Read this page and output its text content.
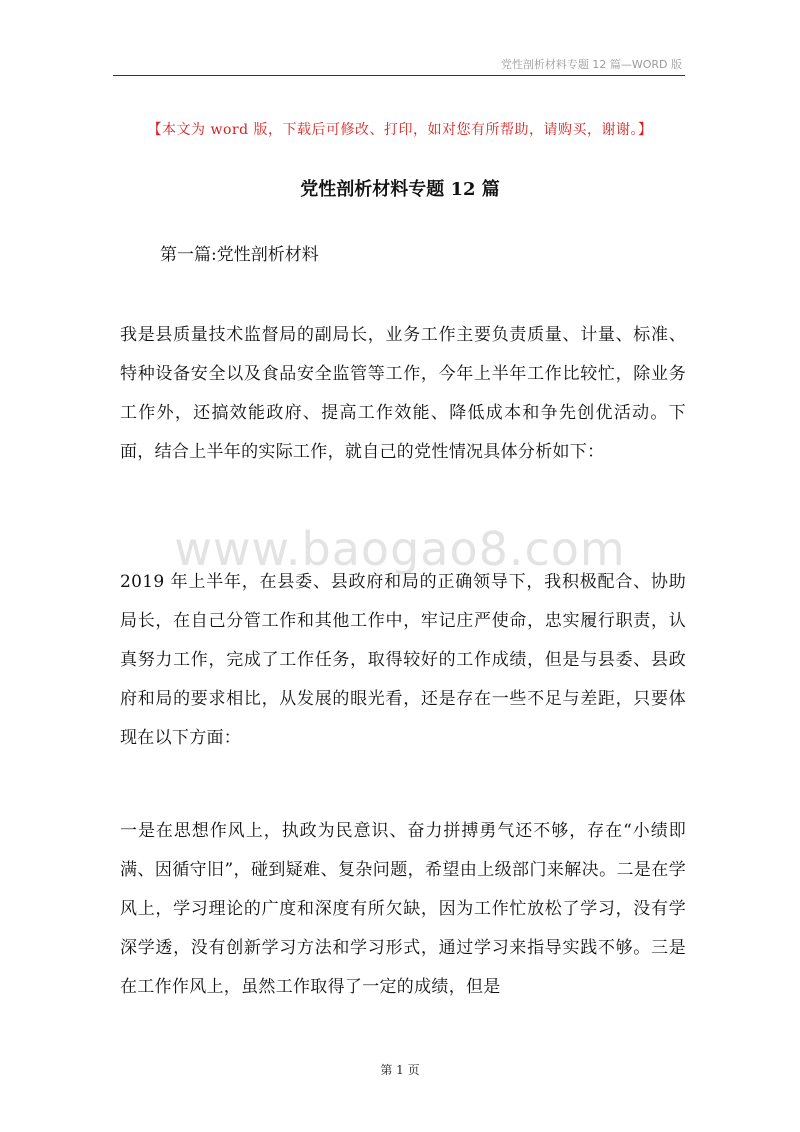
党性剖析材料专题 12 篇—WORD 版
【本文为 word 版，下载后可修改、打印，如对您有所帮助，请购买，谢谢。】
党性剖析材料专题 12 篇
第一篇:党性剖析材料
www.baogao8.com

我是县质量技术监督局的副局长，业务工作主要负责质量、计量、标准、特种设备安全以及食品安全监管等工作，今年上半年工作比较忙，除业务工作外，还搞效能政府、提高工作效能、降低成本和争先创优活动。下面，结合上半年的实际工作，就自己的党性情况具体分析如下：

2019 年上半年，在县委、县政府和局的正确领导下，我积极配合、协助局长，在自己分管工作和其他工作中，牢记庄严使命，忠实履行职责，认真努力工作，完成了工作任务，取得较好的工作成绩，但是与县委、县政府和局的要求相比，从发展的眼光看，还是存在一些不足与差距，只要体现在以下方面：

一是在思想作风上，执政为民意识、奋力拼搏勇气还不够，存在“小绩即满、因循守旧”，碰到疑难、复杂问题，希望由上级部门来解决。二是在学风上，学习理论的广度和深度有所欠缺，因为工作忙放松了学习，没有学深学透，没有创新学习方法和学习形式，通过学习来指导实践不够。三是在工作作风上，虽然工作取得了一定的成绩，但是

第 1 页
